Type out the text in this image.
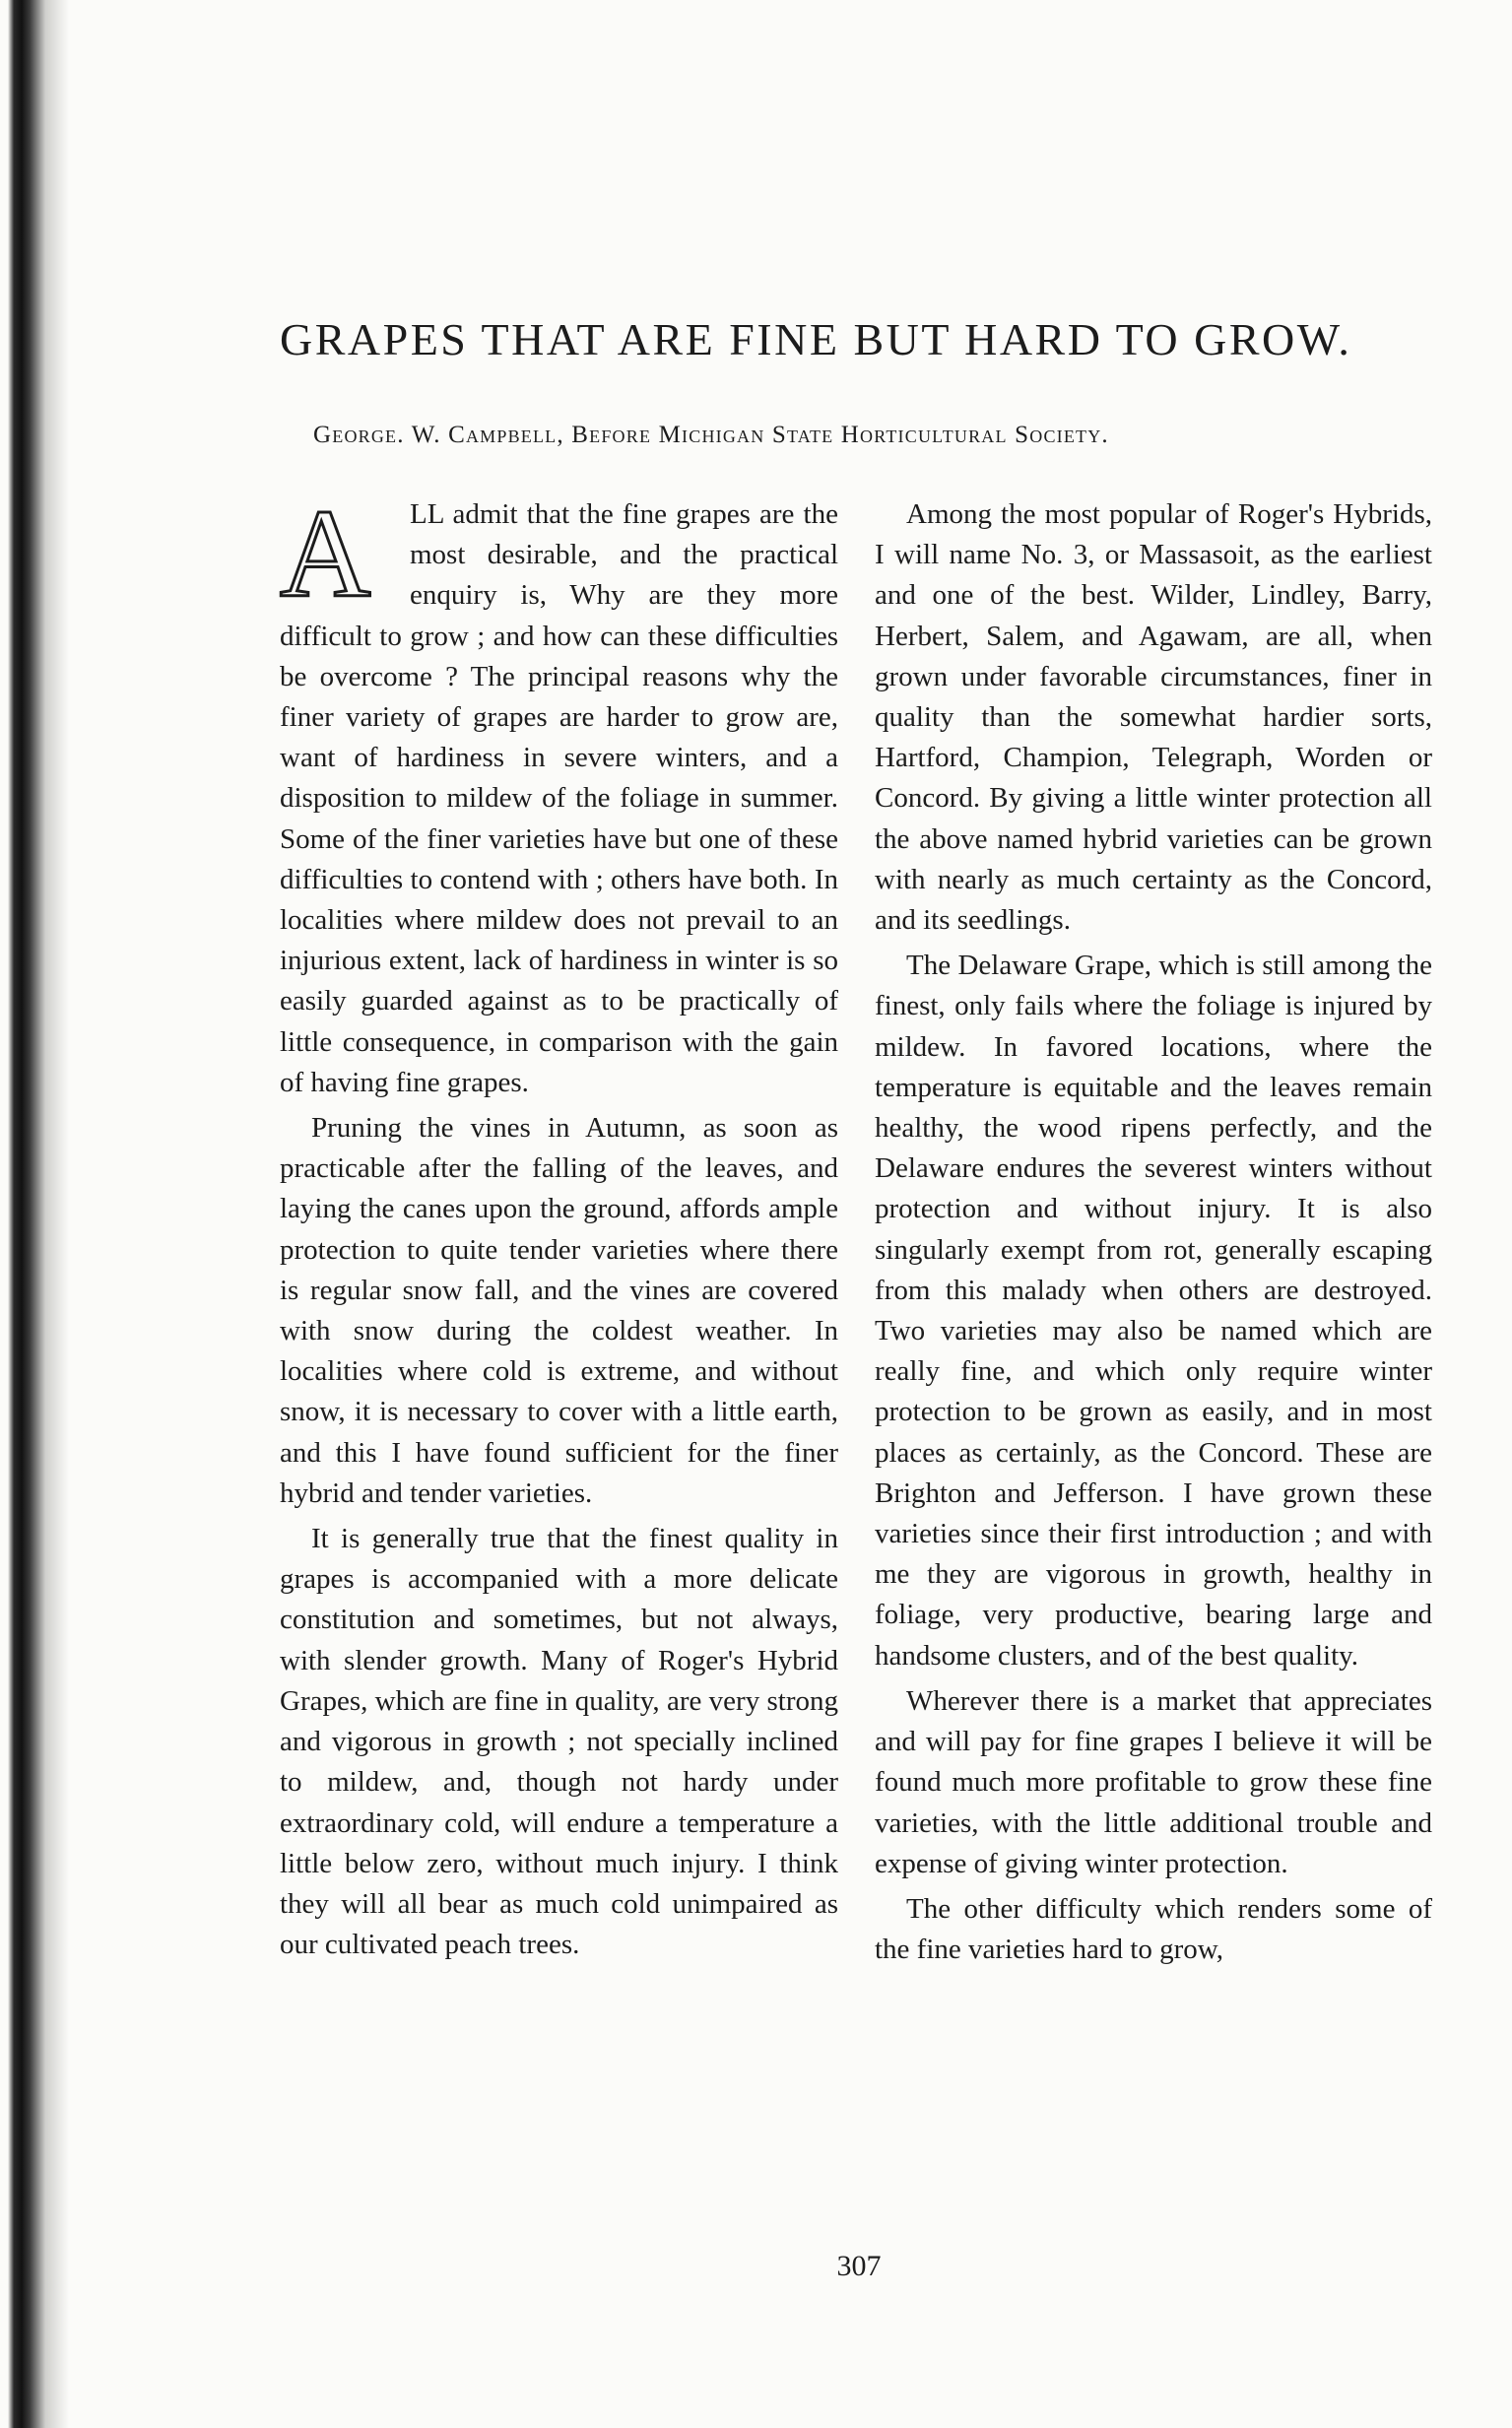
GRAPES THAT ARE FINE BUT HARD TO GROW.
George. W. Campbell, Before Michigan State Horticultural Society.
A	LL admit that the fine grapes are the most desirable, and the practical enquiry is, Why are they more difficult to grow ; and how can these difficulties be overcome ? The principal reasons why the finer variety of grapes are harder to grow are, want of hardiness in severe winters, and a disposition to mildew of the foliage in summer. Some of the finer varieties have but one of these difficulties to contend with ; others have both. In localities where mildew does not prevail to an injurious extent, lack of hardiness in winter is so easily guarded against as to be practically of little consequence, in comparison with the gain of having fine grapes.

Pruning the vines in Autumn, as soon as practicable after the falling of the leaves, and laying the canes upon the ground, affords ample protection to quite tender varieties where there is regular snow fall, and the vines are covered with snow during the coldest weather. In localities where cold is extreme, and without snow, it is necessary to cover with a little earth, and this I have found sufficient for the finer hybrid and tender varieties.

It is generally true that the finest quality in grapes is accompanied with a more delicate constitution and sometimes, but not always, with slender growth. Many of Roger's Hybrid Grapes, which are fine in quality, are very strong and vigorous in growth ; not specially inclined to mildew, and, though not hardy under extraordinary cold, will endure a temperature a little below zero, without much injury. I think they will all bear as much cold unimpaired as our cultivated peach trees.

Among the most popular of Roger's Hybrids, I will name No. 3, or Massasoit, as the earliest and one of the best. Wilder, Lindley, Barry, Herbert, Salem, and Agawam, are all, when grown under favorable circumstances, finer in quality than the somewhat hardier sorts, Hartford, Champion, Telegraph, Worden or Concord. By giving a little winter protection all the above named hybrid varieties can be grown with nearly as much certainty as the Concord, and its seedlings.

The Delaware Grape, which is still among the finest, only fails where the foliage is injured by mildew. In favored locations, where the temperature is equitable and the leaves remain healthy, the wood ripens perfectly, and the Delaware endures the severest winters without protection and without injury. It is also singularly exempt from rot, generally escaping from this malady when others are destroyed. Two varieties may also be named which are really fine, and which only require winter protection to be grown as easily, and in most places as certainly, as the Concord. These are Brighton and Jefferson. I have grown these varieties since their first introduction ; and with me they are vigorous in growth, healthy in foliage, very productive, bearing large and handsome clusters, and of the best quality.

Wherever there is a market that appreciates and will pay for fine grapes I believe it will be found much more profitable to grow these fine varieties, with the little additional trouble and expense of giving winter protection.

The other difficulty which renders some of the fine varieties hard to grow,

307
